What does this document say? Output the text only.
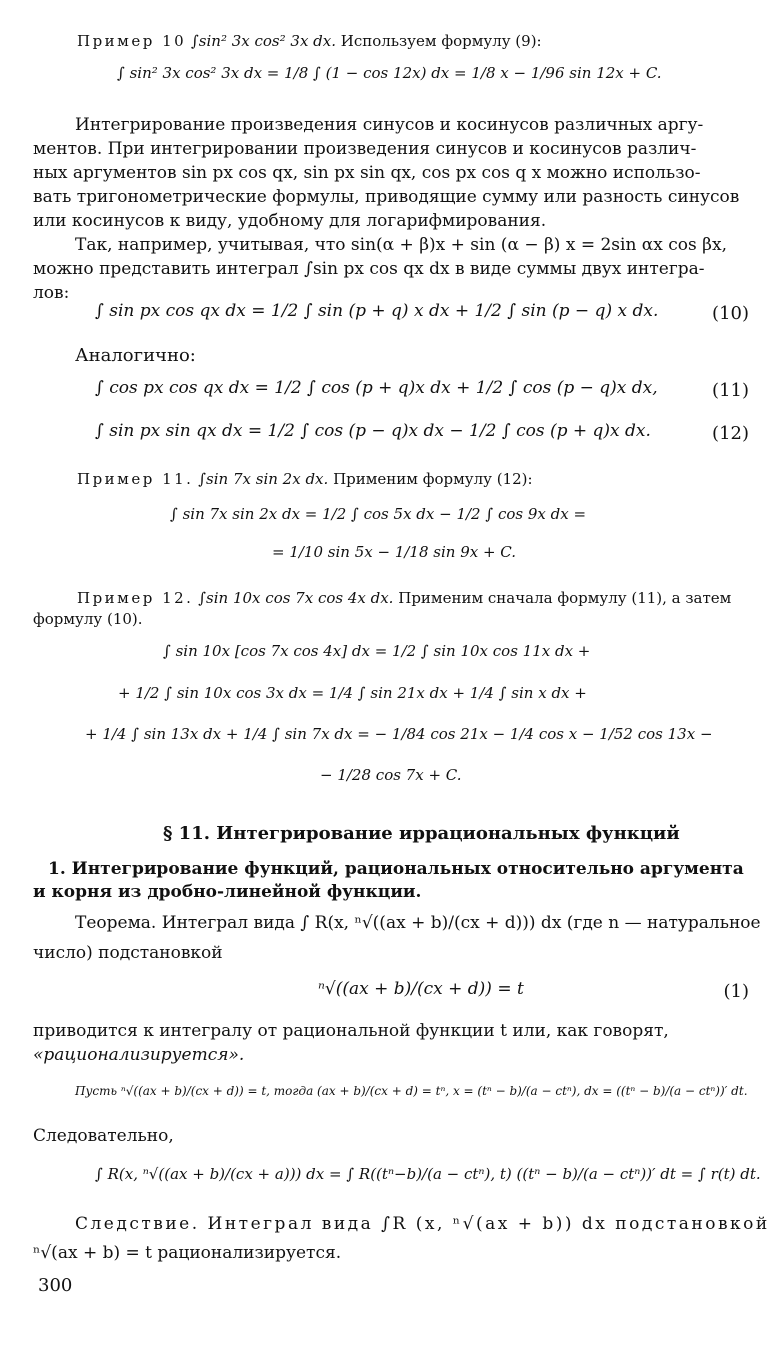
Пример 10 ∫sin² 3x cos² 3x dx. Используем формулу (9):
∫ sin² 3x cos² 3x dx = 1/8 ∫ (1 − cos 12x) dx = 1/8 x − 1/96 sin 12x + C.
Интегрирование произведения синусов и косинусов различных аргу-
ментов. При интегрировании произведения синусов и косинусов различ-
ных аргументов sin px cos qx, sin px sin qx, cos px cos q x можно использо-
вать тригонометрические формулы, приводящие сумму или разность синусов
или косинусов к виду, удобному для логарифмирования.
Так, например, учитывая, что sin(α + β)x + sin (α − β) x = 2sin αx cos βx,
можно представить интеграл ∫sin px cos qx dx в виде суммы двух интегра-
лов:
∫ sin px cos qx dx = 1/2 ∫ sin (p + q) x dx + 1/2 ∫ sin (p − q) x dx.	(10)
Аналогично:
∫ cos px cos qx dx = 1/2 ∫ cos (p + q)x dx + 1/2 ∫ cos (p − q)x dx,	(11)
∫ sin px sin qx dx = 1/2 ∫ cos (p − q)x dx − 1/2 ∫ cos (p + q)x dx.	(12)
Пример 11. ∫sin 7x sin 2x dx. Применим формулу (12):
∫ sin 7x sin 2x dx = 1/2 ∫ cos 5x dx − 1/2 ∫ cos 9x dx =
= 1/10 sin 5x − 1/18 sin 9x + C.
Пример 12. ∫sin 10x cos 7x cos 4x dx. Применим сначала формулу (11), а затем
формулу (10).
∫ sin 10x [cos 7x cos 4x] dx = 1/2 ∫ sin 10x cos 11x dx +
+ 1/2 ∫ sin 10x cos 3x dx = 1/4 ∫ sin 21x dx + 1/4 ∫ sin x dx +
+ 1/4 ∫ sin 13x dx + 1/4 ∫ sin 7x dx = − 1/84 cos 21x − 1/4 cos x − 1/52 cos 13x −
− 1/28 cos 7x + C.
§ 11. Интегрирование иррациональных функций
1. Интегрирование функций, рациональных относительно аргумента
и корня из дробно-линейной функции.
Теорема. Интеграл вида ∫ R(x, ⁿ√((ax + b)/(cx + d))) dx (где n — натуральное
число) подстановкой
ⁿ√((ax + b)/(cx + d)) = t	(1)
приводится к интегралу от рациональной функции t или, как говорят,
«рационализируется».
Пусть ⁿ√((ax + b)/(cx + d)) = t, тогда (ax + b)/(cx + d) = tⁿ, x = (tⁿ − b)/(a − ctⁿ), dx = ((tⁿ − b)/(a − ctⁿ))′ dt.
Следовательно,
∫ R(x, ⁿ√((ax + b)/(cx + a))) dx = ∫ R((tⁿ−b)/(a − ctⁿ), t) ((tⁿ − b)/(a − ctⁿ))′ dt = ∫ r(t) dt.
Следствие. Интеграл вида ∫R (x, ⁿ√(ax + b)) dx подстановкой
ⁿ√(ax + b) = t рационализируется.
300
